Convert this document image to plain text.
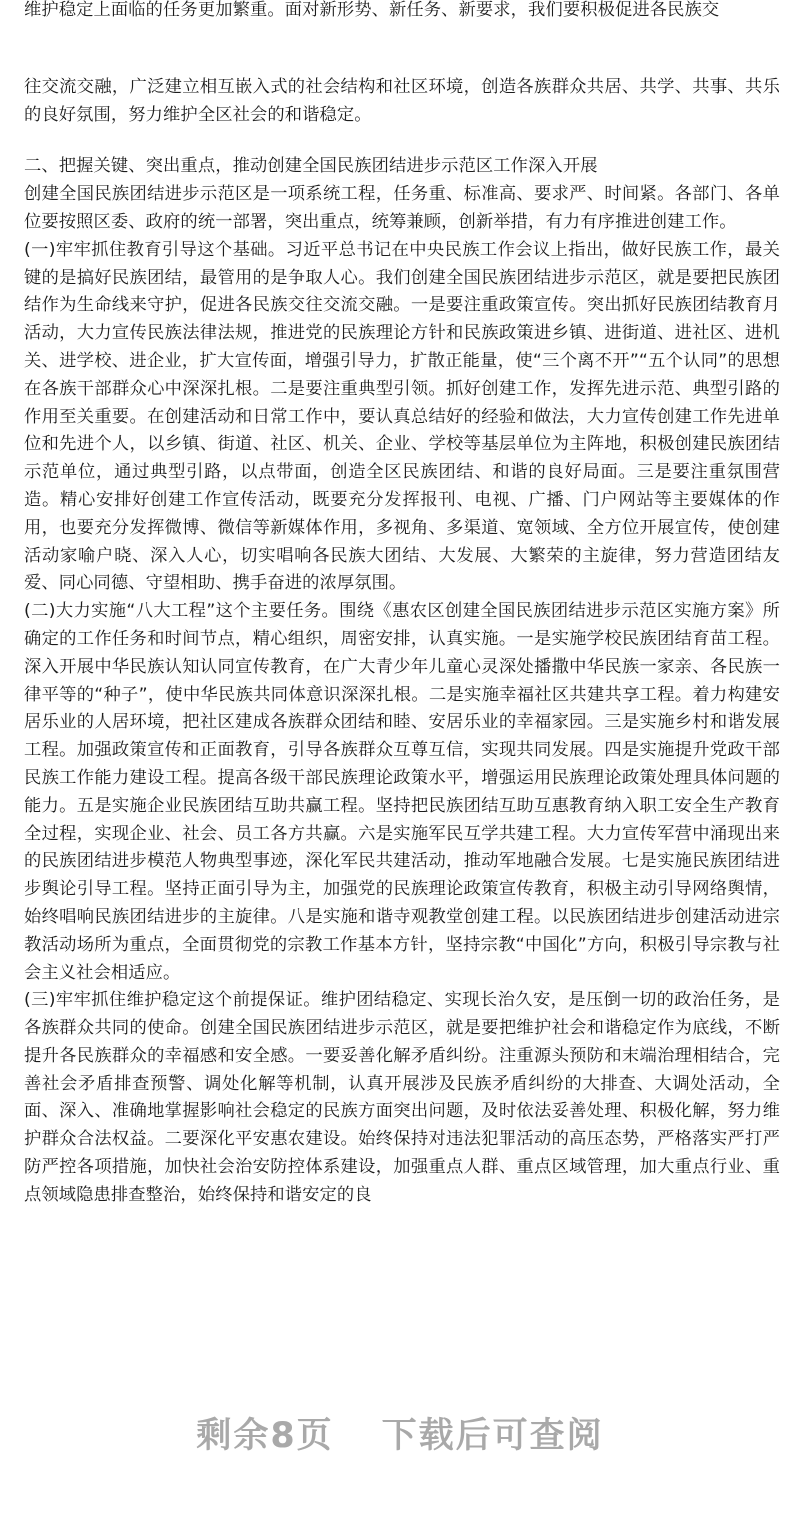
维护稳定上面临的任务更加繁重。面对新形势、新任务、新要求，我们要积极促进各民族交

往交流交融，广泛建立相互嵌入式的社会结构和社区环境，创造各族群众共居、共学、共事、共乐的良好氛围，努力维护全区社会的和谐稳定。

二、把握关键、突出重点，推动创建全国民族团结进步示范区工作深入开展

创建全国民族团结进步示范区是一项系统工程，任务重、标准高、要求严、时间紧。各部门、各单位要按照区委、政府的统一部署，突出重点，统筹兼顾，创新举措，有力有序推进创建工作。

(一)牢牢抓住教育引导这个基础。习近平总书记在中央民族工作会议上指出，做好民族工作，最关键的是搞好民族团结，最管用的是争取人心。我们创建全国民族团结进步示范区，就是要把民族团结作为生命线来守护，促进各民族交往交流交融。一是要注重政策宣传。突出抓好民族团结教育月活动，大力宣传民族法律法规，推进党的民族理论方针和民族政策进乡镇、进街道、进社区、进机关、进学校、进企业，扩大宣传面，增强引导力，扩散正能量，使“三个离不开”“五个认同”的思想在各族干部群众心中深深扎根。二是要注重典型引领。抓好创建工作，发挥先进示范、典型引路的作用至关重要。在创建活动和日常工作中，要认真总结好的经验和做法，大力宣传创建工作先进单位和先进个人，以乡镇、街道、社区、机关、企业、学校等基层单位为主阵地，积极创建民族团结示范单位，通过典型引路，以点带面，创造全区民族团结、和谐的良好局面。三是要注重氛围营造。精心安排好创建工作宣传活动，既要充分发挥报刊、电视、广播、门户网站等主要媒体的作用，也要充分发挥微博、微信等新媒体作用，多视角、多渠道、宽领域、全方位开展宣传，使创建活动家喻户晓、深入人心，切实唱响各民族大团结、大发展、大繁荣的主旋律，努力营造团结友爱、同心同德、守望相助、携手奋进的浓厚氛围。

(二)大力实施“八大工程”这个主要任务。围绕《惠农区创建全国民族团结进步示范区实施方案》所确定的工作任务和时间节点，精心组织，周密安排，认真实施。一是实施学校民族团结育苗工程。深入开展中华民族认知认同宣传教育，在广大青少年儿童心灵深处播撒中华民族一家亲、各民族一律平等的“种子”，使中华民族共同体意识深深扎根。二是实施幸福社区共建共享工程。着力构建安居乐业的人居环境，把社区建成各族群众团结和睦、安居乐业的幸福家园。三是实施乡村和谐发展工程。加强政策宣传和正面教育，引导各族群众互尊互信，实现共同发展。四是实施提升党政干部民族工作能力建设工程。提高各级干部民族理论政策水平，增强运用民族理论政策处理具体问题的能力。五是实施企业民族团结互助共赢工程。坚持把民族团结互助互惠教育纳入职工安全生产教育全过程，实现企业、社会、员工各方共赢。六是实施军民互学共建工程。大力宣传军营中涌现出来的民族团结进步模范人物典型事迹，深化军民共建活动，推动军地融合发展。七是实施民族团结进步舆论引导工程。坚持正面引导为主，加强党的民族理论政策宣传教育，积极主动引导网络舆情，始终唱响民族团结进步的主旋律。八是实施和谐寺观教堂创建工程。以民族团结进步创建活动进宗教活动场所为重点，全面贯彻党的宗教工作基本方针，坚持宗教“中国化”方向，积极引导宗教与社会主义社会相适应。

(三)牢牢抓住维护稳定这个前提保证。维护团结稳定、实现长治久安，是压倒一切的政治任务，是各族群众共同的使命。创建全国民族团结进步示范区，就是要把维护社会和谐稳定作为底线，不断提升各民族群众的幸福感和安全感。一要妥善化解矛盾纠纷。注重源头预防和末端治理相结合，完善社会矛盾排查预警、调处化解等机制，认真开展涉及民族矛盾纠纷的大排查、大调处活动，全面、深入、准确地掌握影响社会稳定的民族方面突出问题，及时依法妥善处理、积极化解，努力维护群众合法权益。二要深化平安惠农建设。始终保持对违法犯罪活动的高压态势，严格落实严打严防严控各项措施，加快社会治安防控体系建设，加强重点人群、重点区域管理，加大重点行业、重点领域隐患排查整治，始终保持和谐安定的良

剩余8页 下载后可查阅
